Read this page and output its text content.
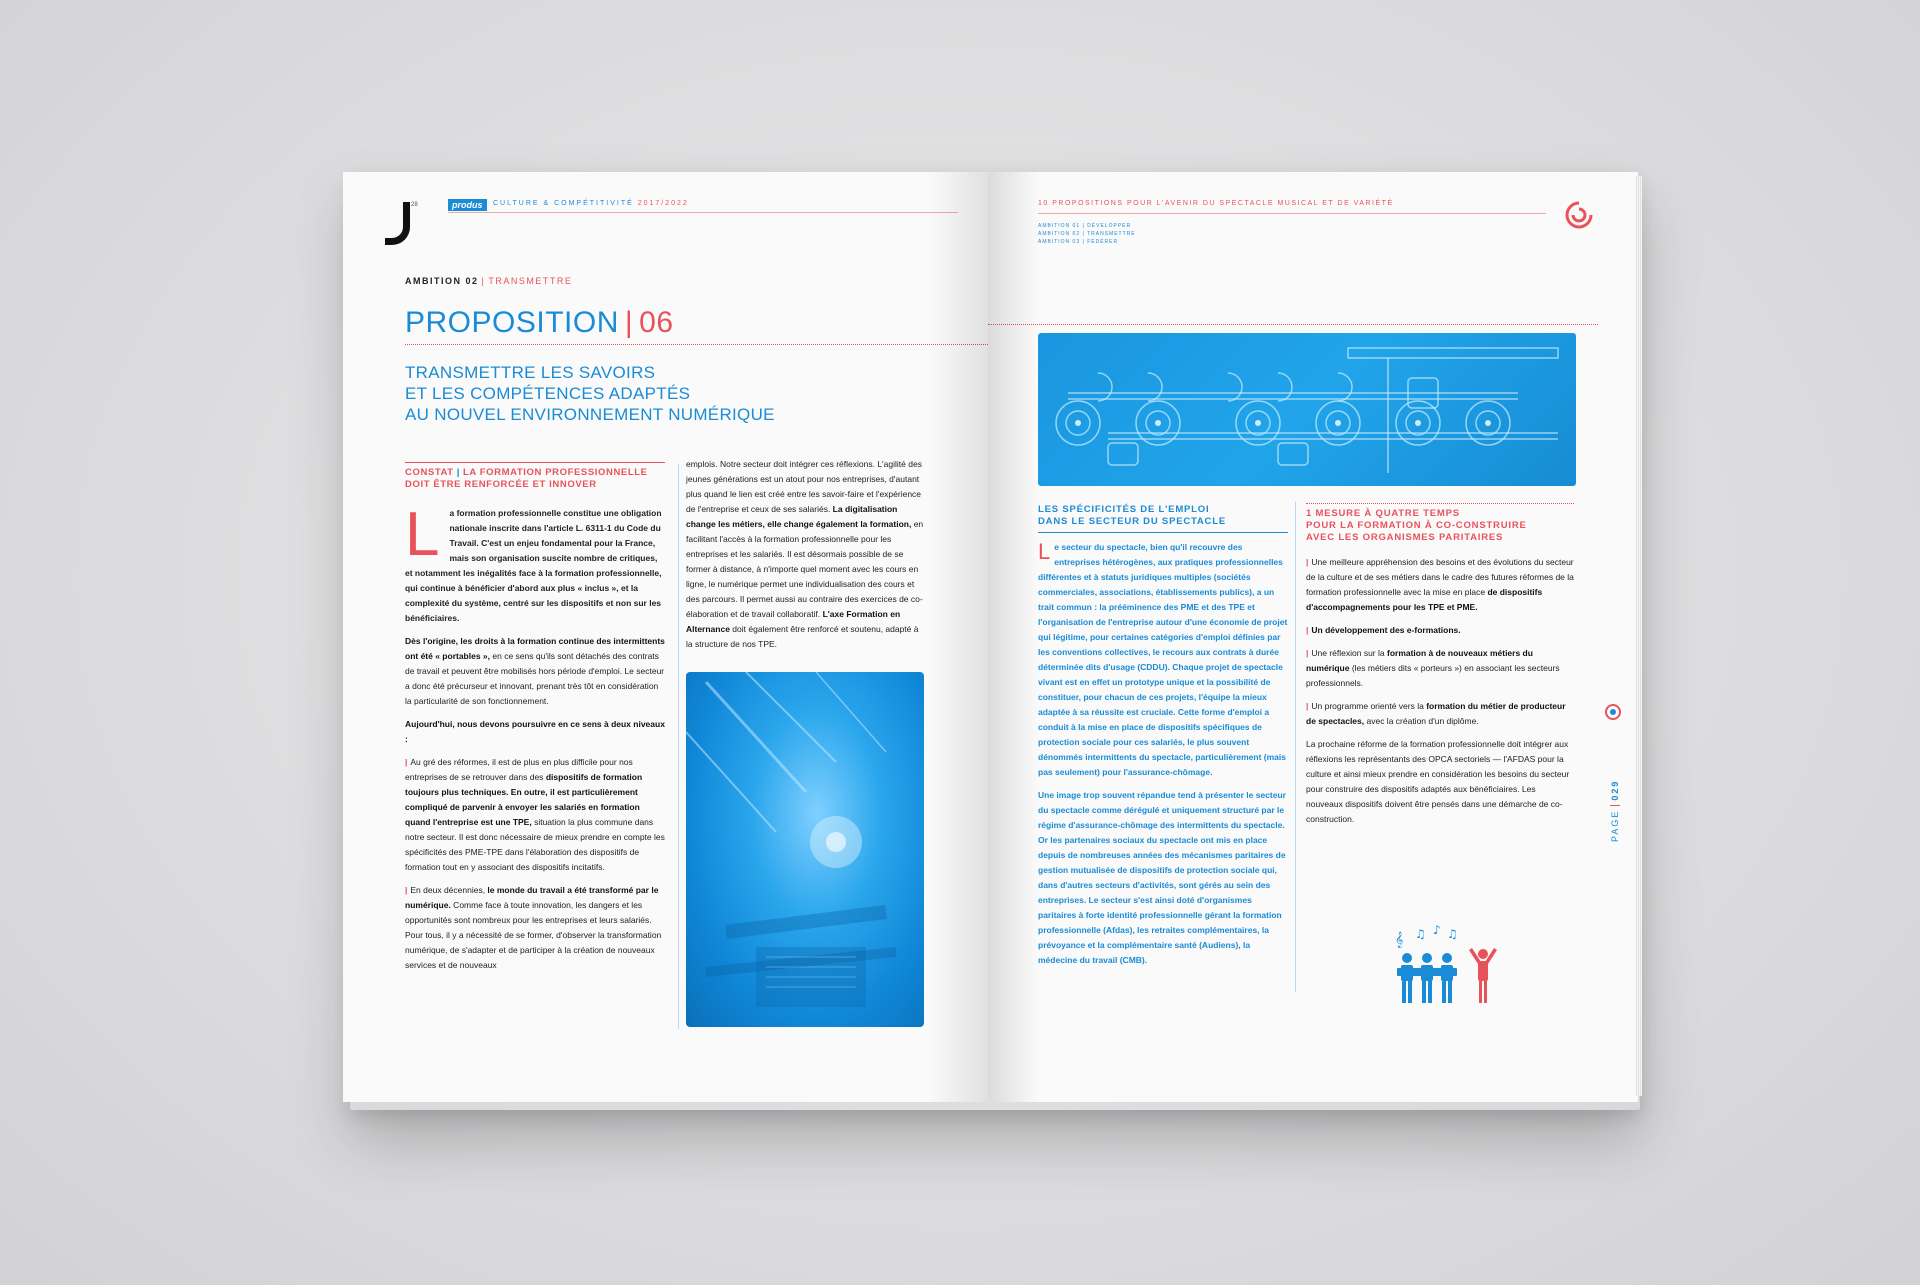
28	produs	CULTURE & COMPÉTITIVITÉ 2017/2022
AMBITION 02 | TRANSMETTRE
PROPOSITION | 06
TRANSMETTRE LES SAVOIRS
ET LES COMPÉTENCES ADAPTÉS
AU NOUVEL ENVIRONNEMENT NUMÉRIQUE
CONSTAT | LA FORMATION PROFESSIONNELLE
DOIT ÊTRE RENFORCÉE ET INNOVER

L a formation professionnelle constitue une obligation nationale inscrite dans l'article L. 6311-1 du Code du Travail. C'est un enjeu fondamental pour la France, mais son organisation suscite nombre de critiques, et notamment les inégalités face à la formation professionnelle, qui continue à bénéficier d'abord aux plus « inclus », et la complexité du système, centré sur les dispositifs et non sur les bénéficiaires.

Dès l'origine, les droits à la formation continue des intermittents ont été « portables », en ce sens qu'ils sont détachés des contrats de travail et peuvent être mobilisés hors période d'emploi. Le secteur a donc été précurseur et innovant, prenant très tôt en considération la particularité de son fonctionnement.

Aujourd'hui, nous devons poursuivre en ce sens à deux niveaux :

| Au gré des réformes, il est de plus en plus difficile pour nos entreprises de se retrouver dans des dispositifs de formation toujours plus techniques. En outre, il est particulièrement compliqué de parvenir à envoyer les salariés en formation quand l'entreprise est une TPE, situation la plus commune dans notre secteur. Il est donc nécessaire de mieux prendre en compte les spécificités des PME-TPE dans l'élaboration des dispositifs de formation tout en y associant des dispositifs incitatifs.

| En deux décennies, le monde du travail a été transformé par le numérique. Comme face à toute innovation, les dangers et les opportunités sont nombreux pour les entreprises et leurs salariés. Pour tous, il y a nécessité de se former, d'observer la transformation numérique, de s'adapter et de participer à la création de nouveaux services et de nouveaux

emplois. Notre secteur doit intégrer ces réflexions. L'agilité des jeunes générations est un atout pour nos entreprises, d'autant plus quand le lien est créé entre les savoir-faire et l'expérience de l'entreprise et ceux de ses salariés. La digitalisation change les métiers, elle change également la formation, en facilitant l'accès à la formation professionnelle pour les entreprises et les salariés. Il est désormais possible de se former à distance, à n'importe quel moment avec les cours en ligne, le numérique permet une individualisation des cours et des parcours. Il permet aussi au contraire des exercices de co-élaboration et de travail collaboratif. L'axe Formation en Alternance doit également être renforcé et soutenu, adapté à la structure de nos TPE.

10 PROPOSITIONS POUR L'AVENIR DU SPECTACLE MUSICAL ET DE VARIÉTÉ
AMBITION 01 | DÉVELOPPER
AMBITION 02 | TRANSMETTRE
AMBITION 03 | FÉDÉRER
LES SPÉCIFICITÉS DE L'EMPLOI
DANS LE SECTEUR DU SPECTACLE

Le secteur du spectacle, bien qu'il recouvre des entreprises hétérogènes, aux pratiques professionnelles différentes et à statuts juridiques multiples (sociétés commerciales, associations, établissements publics), a un trait commun : la prééminence des PME et des TPE et l'organisation de l'entreprise autour d'une économie de projet qui légitime, pour certaines catégories d'emploi définies par les conventions collectives, le recours aux contrats à durée déterminée dits d'usage (CDDU). Chaque projet de spectacle vivant est en effet un prototype unique et la possibilité de constituer, pour chacun de ces projets, l'équipe la mieux adaptée à sa réussite est cruciale. Cette forme d'emploi a conduit à la mise en place de dispositifs spécifiques de protection sociale pour ces salariés, le plus souvent dénommés intermittents du spectacle, particulièrement (mais pas seulement) pour l'assurance-chômage.

Une image trop souvent répandue tend à présenter le secteur du spectacle comme dérégulé et uniquement structuré par le régime d'assurance-chômage des intermittents du spectacle. Or les partenaires sociaux du spectacle ont mis en place depuis de nombreuses années des mécanismes paritaires de gestion mutualisée de dispositifs de protection sociale qui, dans d'autres secteurs d'activités, sont gérés au sein des entreprises. Le secteur s'est ainsi doté d'organismes paritaires à forte identité professionnelle gérant la formation professionnelle (Afdas), les retraites complémentaires, la prévoyance et la complémentaire santé (Audiens), la médecine du travail (CMB).

1 MESURE À QUATRE TEMPS
POUR LA FORMATION À CO-CONSTRUIRE
AVEC LES ORGANISMES PARITAIRES

| Une meilleure appréhension des besoins et des évolutions du secteur de la culture et de ses métiers dans le cadre des futures réformes de la formation professionnelle avec la mise en place de dispositifs d'accompagnements pour les TPE et PME.

| Un développement des e-formations.

| Une réflexion sur la formation à de nouveaux métiers du numérique (les métiers dits « porteurs ») en associant les secteurs professionnels.

| Un programme orienté vers la formation du métier de producteur de spectacles, avec la création d'un diplôme.

La prochaine réforme de la formation professionnelle doit intégrer aux réflexions les représentants des OPCA sectoriels — l'AFDAS pour la culture et ainsi mieux prendre en considération les besoins du secteur pour construire des dispositifs adaptés aux bénéficiaires. Les nouveaux dispositifs doivent être pensés dans une démarche de co-construction.	PAGE029
𝄞 ♫ ♪ ♫
